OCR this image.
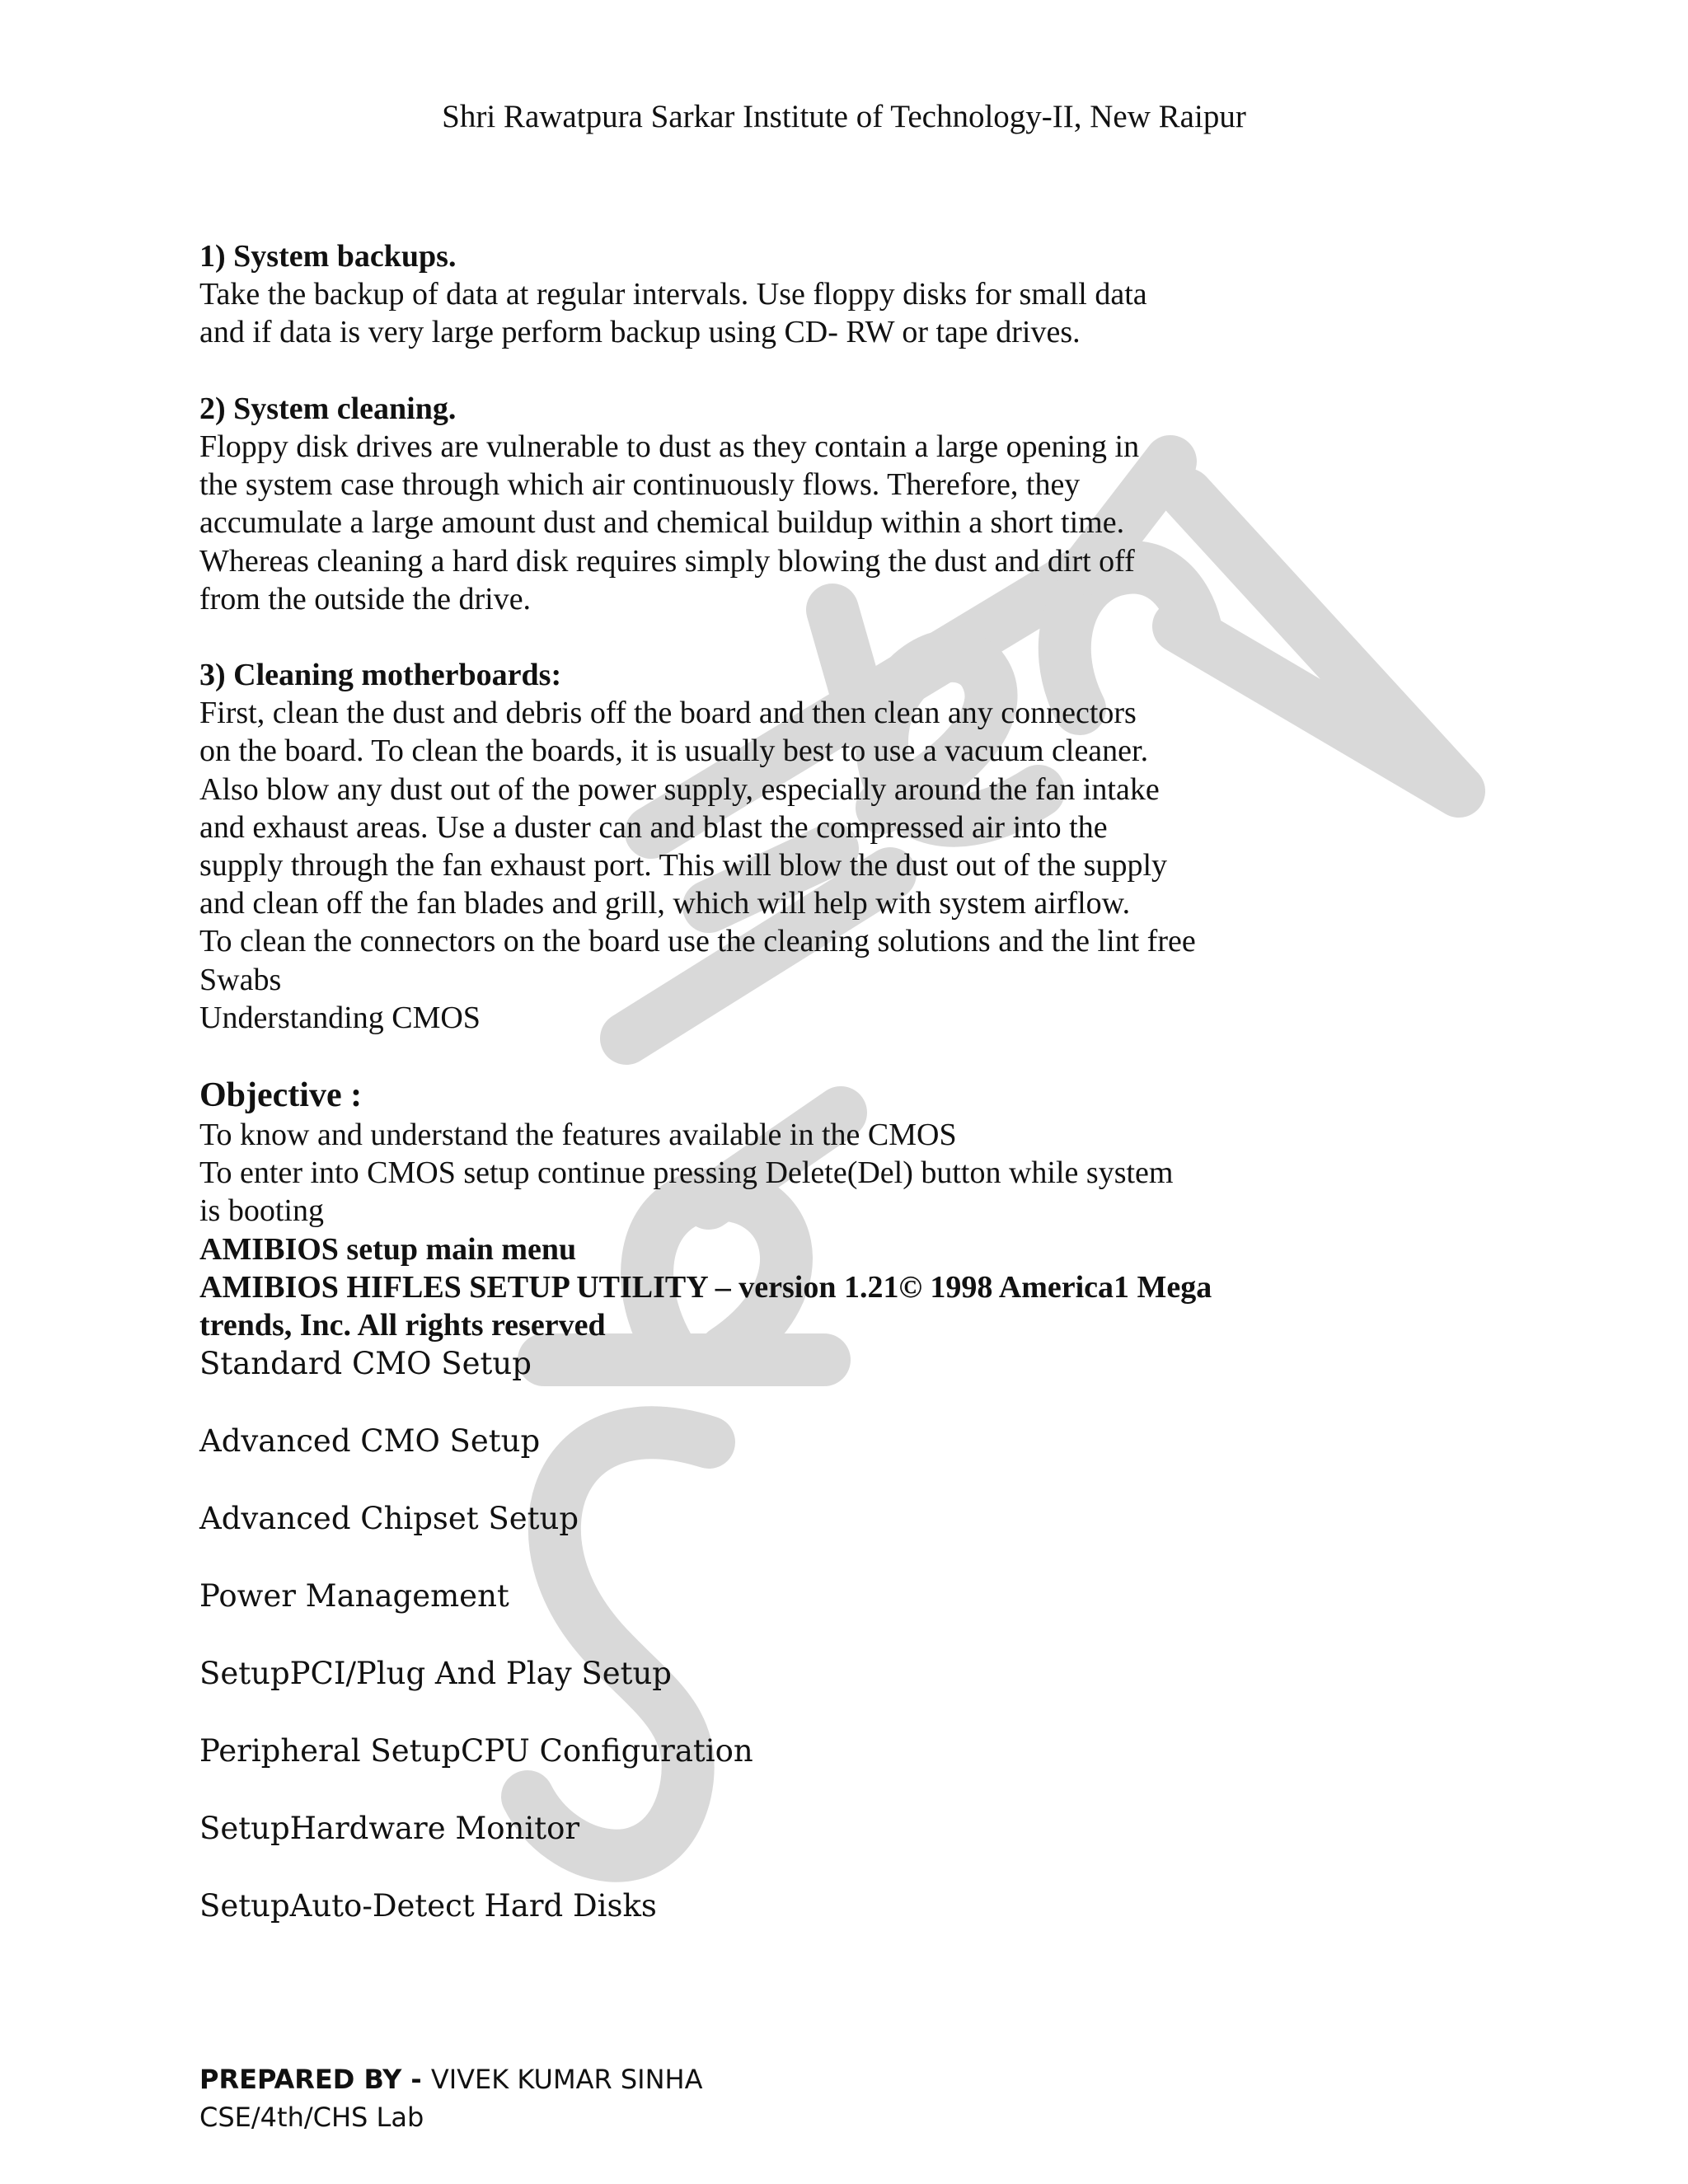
Shri Rawatpura Sarkar Institute of Technology-II, New Raipur
1) System backups.
Take the backup of data at regular intervals. Use floppy disks for small data
and if data is very large perform backup using CD- RW or tape drives.
2) System cleaning.
Floppy disk drives are vulnerable to dust as they contain a large opening in
the system case through which air continuously flows. Therefore, they
accumulate a large amount dust and chemical buildup within a short time.
Whereas cleaning a hard disk requires simply blowing the dust and dirt off
from the outside the drive.
3) Cleaning motherboards:
First, clean the dust and debris off the board and then clean any connectors
on the board. To clean the boards, it is usually best to use a vacuum cleaner.
Also blow any dust out of the power supply, especially around the fan intake
and exhaust areas. Use a duster can and blast the compressed air into the
supply through the fan exhaust port. This will blow the dust out of the supply
and clean off the fan blades and grill, which will help with system airflow.
To clean the connectors on the board use the cleaning solutions and the lint free
Swabs
Understanding CMOS
Objective :
To know and understand the features available in the CMOS
To enter into CMOS setup continue pressing Delete(Del) button while system
is booting
AMIBIOS setup main menu
AMIBIOS HIFLES SETUP UTILITY – version 1.21© 1998 America1 Mega
trends, Inc. All rights reserved
Standard CMO Setup
Advanced CMO Setup
Advanced Chipset Setup
Power Management
SetupPCI/Plug And Play Setup
Peripheral SetupCPU Configuration
SetupHardware Monitor
SetupAuto-Detect Hard Disks
PREPARED BY - VIVEK KUMAR SINHA
CSE/4th/CHS Lab
